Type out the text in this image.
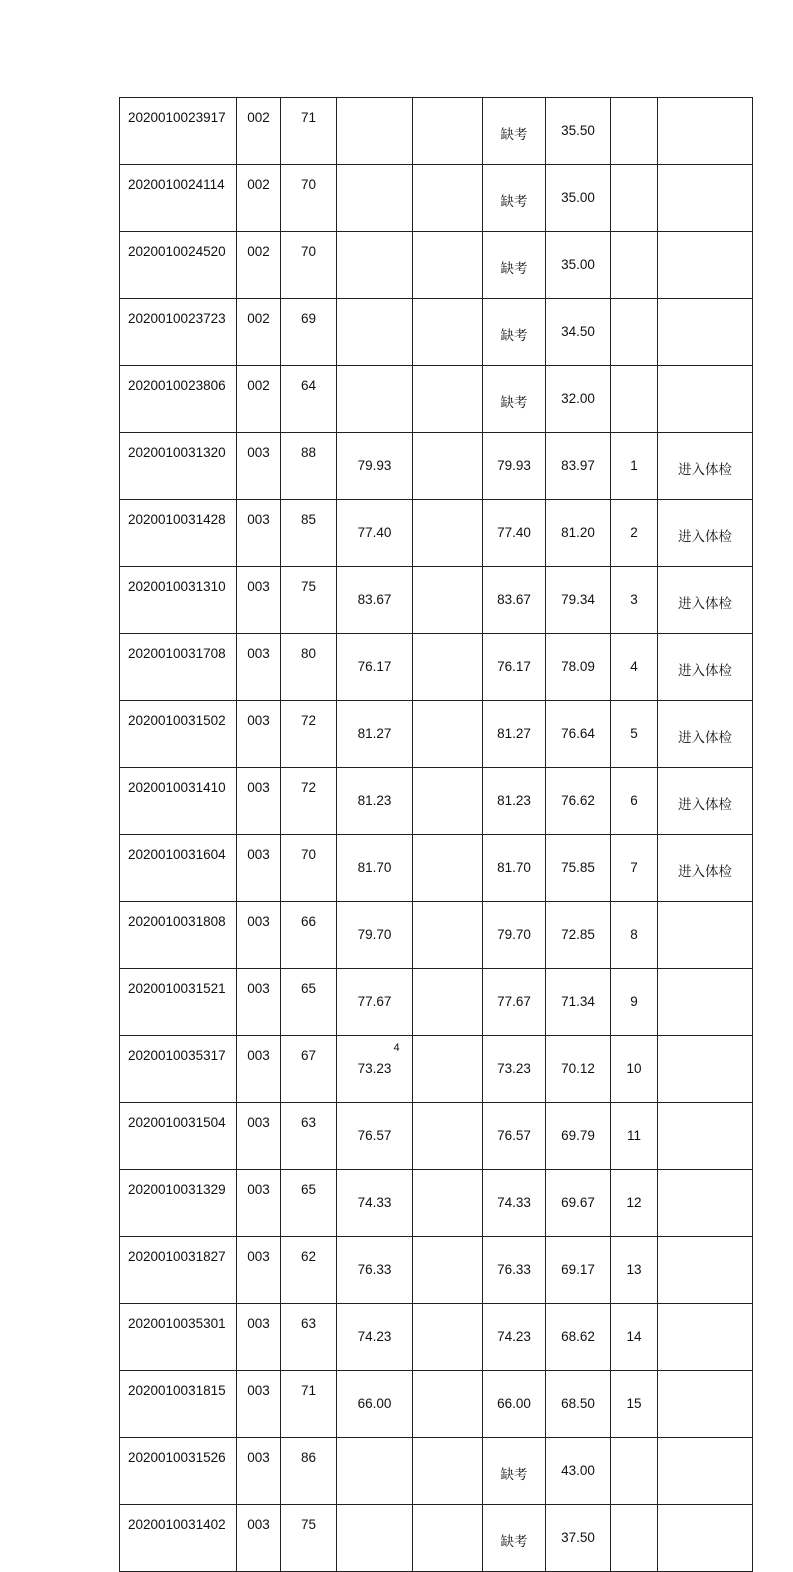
2020010023917	002	71			缺考	35.50		
2020010024114	002	70			缺考	35.00		
2020010024520	002	70			缺考	35.00		
2020010023723	002	69			缺考	34.50		
2020010023806	002	64			缺考	32.00		
2020010031320	003	88	79.93		79.93	83.97	1	进入体检
2020010031428	003	85	77.40		77.40	81.20	2	进入体检
2020010031310	003	75	83.67		83.67	79.34	3	进入体检
2020010031708	003	80	76.17		76.17	78.09	4	进入体检
2020010031502	003	72	81.27		81.27	76.64	5	进入体检
2020010031410	003	72	81.23		81.23	76.62	6	进入体检
2020010031604	003	70	81.70		81.70	75.85	7	进入体检
2020010031808	003	66	79.70		79.70	72.85	8	
2020010031521	003	65	77.67		77.67	71.34	9	
2020010035317	003	67	73.23		73.23	70.12	10	
2020010031504	003	63	76.57		76.57	69.79	11	
2020010031329	003	65	74.33		74.33	69.67	12	
2020010031827	003	62	76.33		76.33	69.17	13	
2020010035301	003	63	74.23		74.23	68.62	14	
2020010031815	003	71	66.00		66.00	68.50	15	
2020010031526	003	86			缺考	43.00		
2020010031402	003	75			缺考	37.50		
4
